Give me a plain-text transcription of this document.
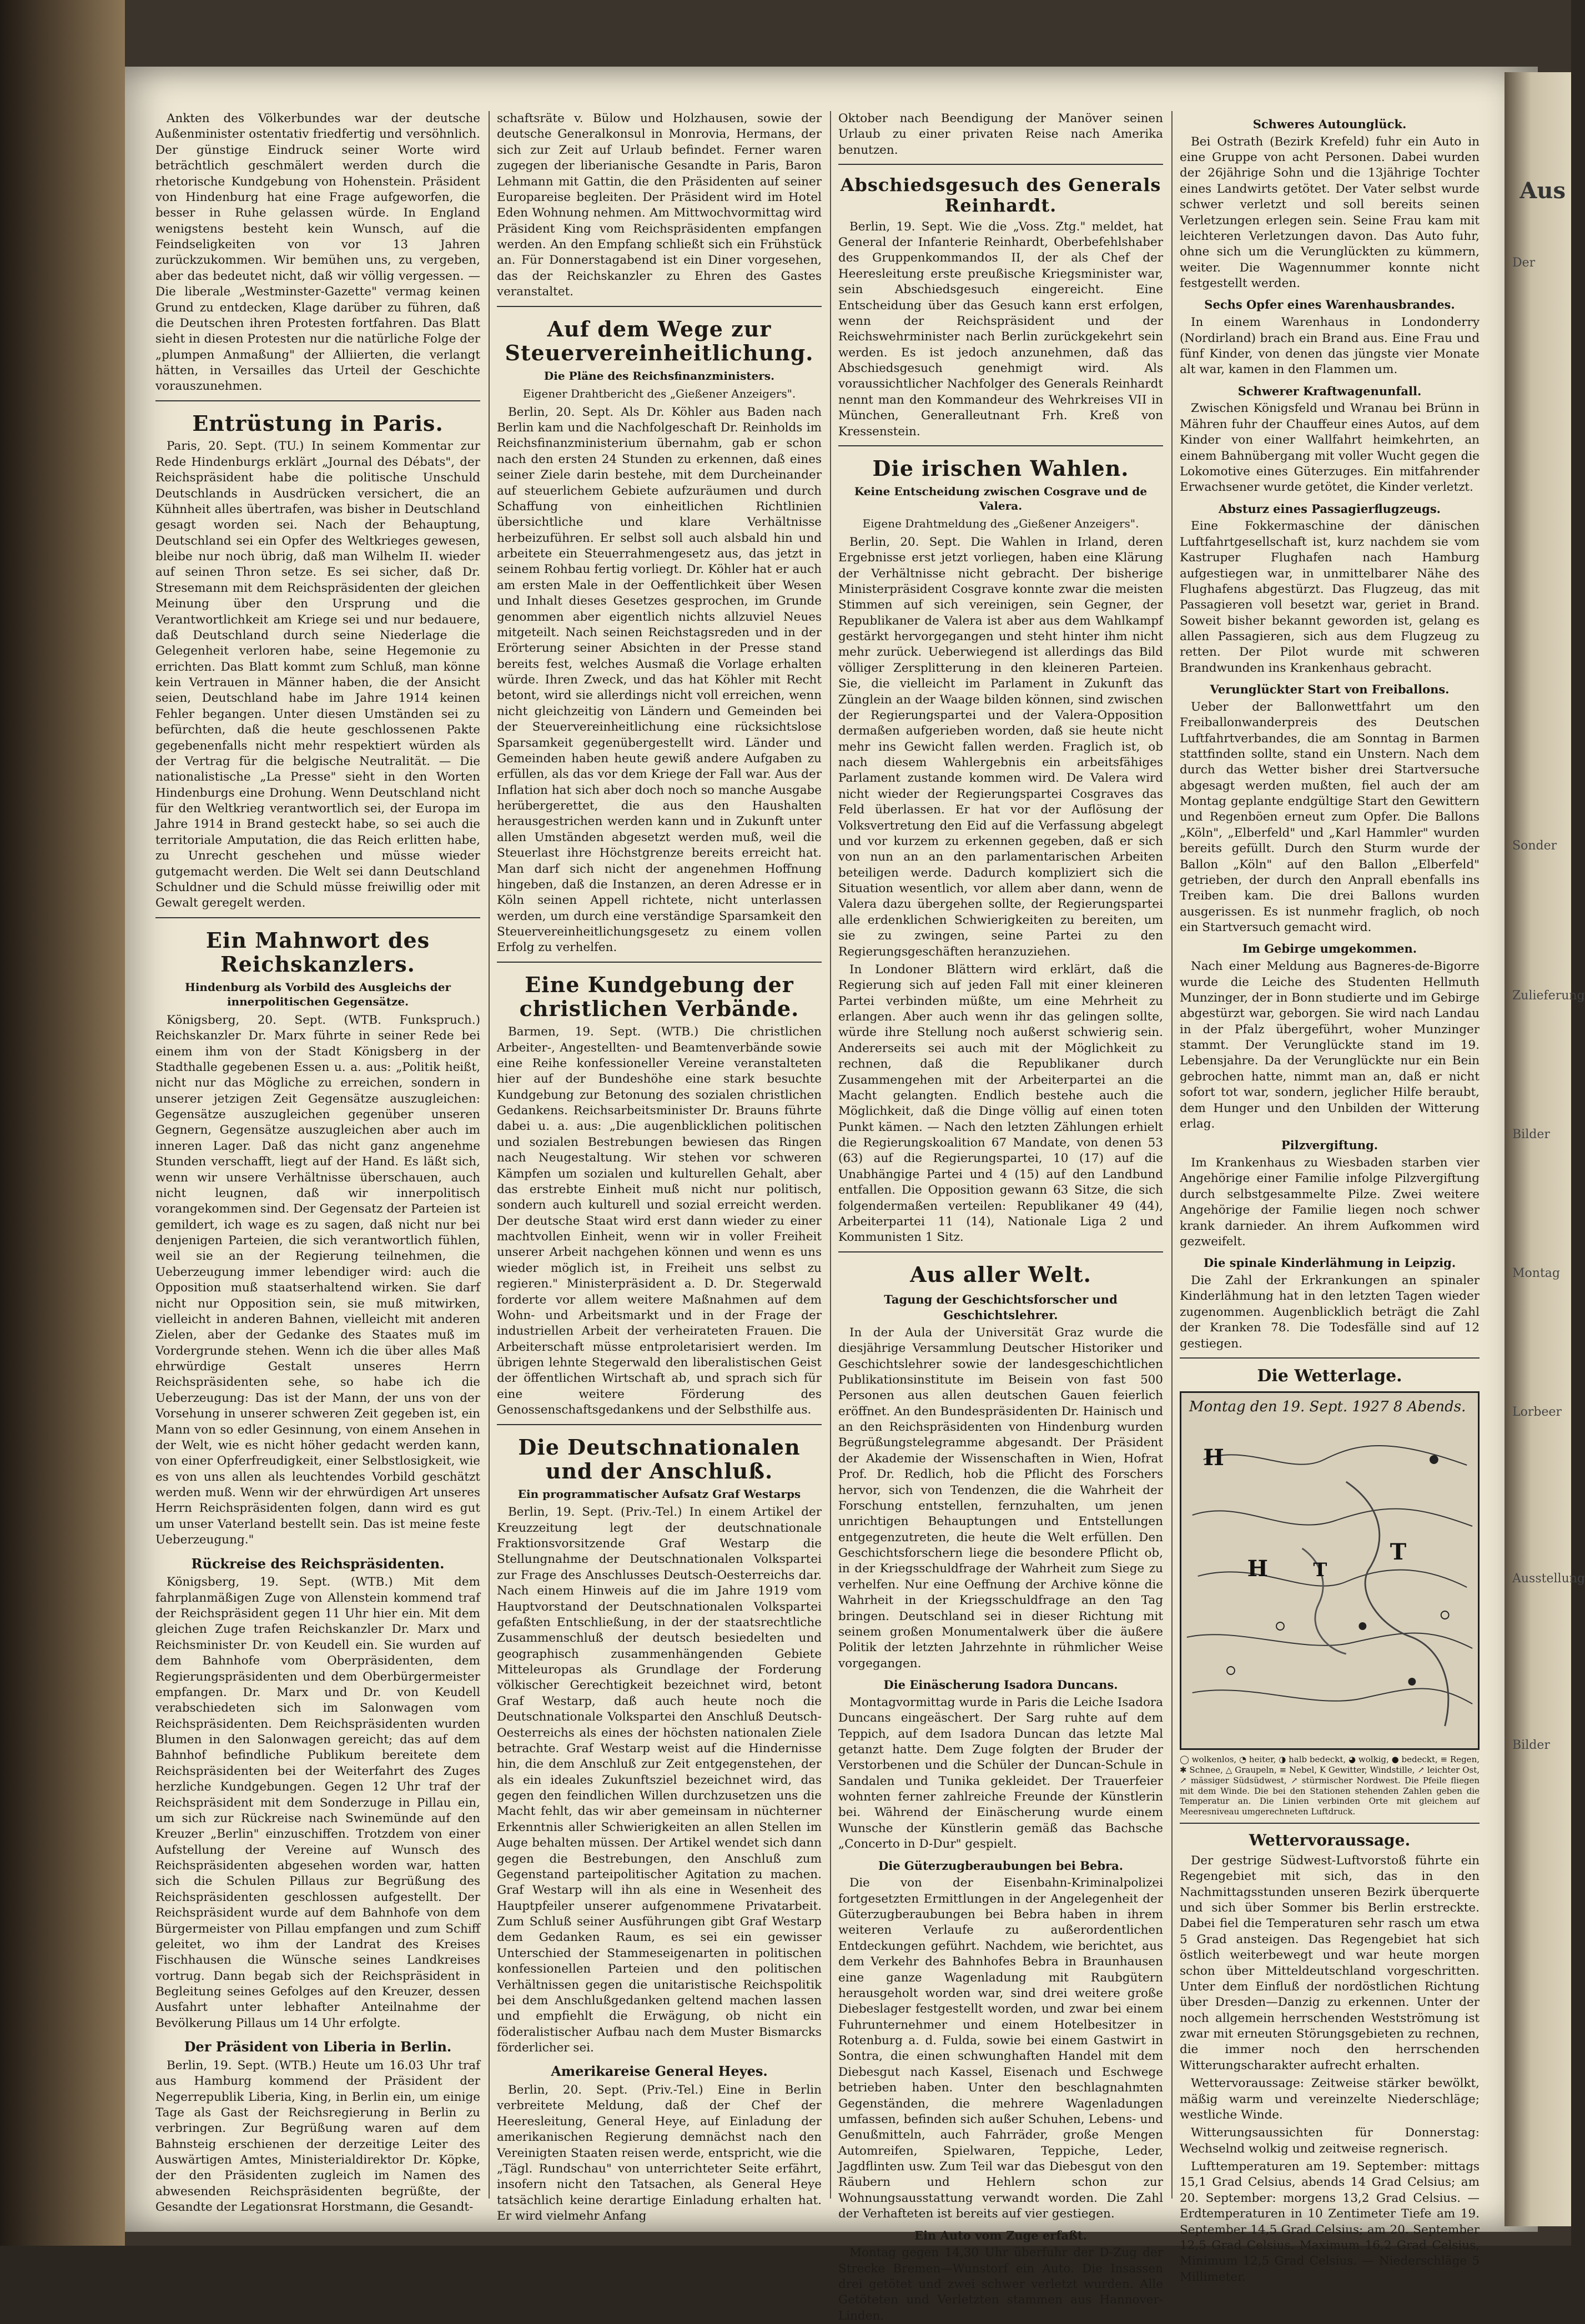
Ankten des Völkerbundes war der deutsche Außenminister ostentativ friedfertig und versöhnlich. Der günstige Eindruck seiner Worte wird beträchtlich geschmälert werden durch die rhetorische Kundgebung von Hohenstein. Präsident von Hindenburg hat eine Frage aufgeworfen, die besser in Ruhe gelassen würde. In England wenigstens besteht kein Wunsch, auf die Feindseligkeiten von vor 13 Jahren zurückzukommen. Wir bemühen uns, zu vergeben, aber das bedeutet nicht, daß wir völlig vergessen. — Die liberale „Westminster-Gazette" vermag keinen Grund zu entdecken, Klage darüber zu führen, daß die Deutschen ihren Protesten fortfahren. Das Blatt sieht in diesen Protesten nur die natürliche Folge der „plumpen Anmaßung" der Alliierten, die verlangt hätten, in Versailles das Urteil der Geschichte vorauszunehmen.

Entrüstung in Paris.

Paris, 20. Sept. (TU.) In seinem Kommentar zur Rede Hindenburgs erklärt „Journal des Débats", der Reichspräsident habe die politische Unschuld Deutschlands in Ausdrücken versichert, die an Kühnheit alles übertrafen, was bisher in Deutschland gesagt worden sei. Nach der Behauptung, Deutschland sei ein Opfer des Weltkrieges gewesen, bleibe nur noch übrig, daß man Wilhelm II. wieder auf seinen Thron setze. Es sei sicher, daß Dr. Stresemann mit dem Reichspräsidenten der gleichen Meinung über den Ursprung und die Verantwortlichkeit am Kriege sei und nur bedauere, daß Deutschland durch seine Niederlage die Gelegenheit verloren habe, seine Hegemonie zu errichten. Das Blatt kommt zum Schluß, man könne kein Vertrauen in Männer haben, die der Ansicht seien, Deutschland habe im Jahre 1914 keinen Fehler begangen. Unter diesen Umständen sei zu befürchten, daß die heute geschlossenen Pakte gegebenenfalls nicht mehr respektiert würden als der Vertrag für die belgische Neutralität. — Die nationalistische „La Presse" sieht in den Worten Hindenburgs eine Drohung. Wenn Deutschland nicht für den Weltkrieg verantwortlich sei, der Europa im Jahre 1914 in Brand gesteckt habe, so sei auch die territoriale Amputation, die das Reich erlitten habe, zu Unrecht geschehen und müsse wieder gutgemacht werden. Die Welt sei dann Deutschland Schuldner und die Schuld müsse freiwillig oder mit Gewalt geregelt werden.

Ein Mahnwort des Reichskanzlers.
Hindenburg als Vorbild des Ausgleichs der innerpolitischen Gegensätze.

Königsberg, 20. Sept. (WTB. Funkspruch.) Reichskanzler Dr. Marx führte in seiner Rede bei einem ihm von der Stadt Königsberg in der Stadthalle gegebenen Essen u. a. aus: „Politik heißt, nicht nur das Mögliche zu erreichen, sondern in unserer jetzigen Zeit Gegensätze auszugleichen: Gegensätze auszugleichen gegenüber unseren Gegnern, Gegensätze auszugleichen aber auch im inneren Lager. Daß das nicht ganz angenehme Stunden verschafft, liegt auf der Hand. Es läßt sich, wenn wir unsere Verhältnisse überschauen, auch nicht leugnen, daß wir innerpolitisch vorangekommen sind. Der Gegensatz der Parteien ist gemildert, ich wage es zu sagen, daß nicht nur bei denjenigen Parteien, die sich verantwortlich fühlen, weil sie an der Regierung teilnehmen, die Ueberzeugung immer lebendiger wird: auch die Opposition muß staatserhaltend wirken. Sie darf nicht nur Opposition sein, sie muß mitwirken, vielleicht in anderen Bahnen, vielleicht mit anderen Zielen, aber der Gedanke des Staates muß im Vordergrunde stehen. Wenn ich die über alles Maß ehrwürdige Gestalt unseres Herrn Reichspräsidenten sehe, so habe ich die Ueberzeugung: Das ist der Mann, der uns von der Vorsehung in unserer schweren Zeit gegeben ist, ein Mann von so edler Gesinnung, von einem Ansehen in der Welt, wie es nicht höher gedacht werden kann, von einer Opferfreudigkeit, einer Selbstlosigkeit, wie es von uns allen als leuchtendes Vorbild geschätzt werden muß. Wenn wir der ehrwürdigen Art unseres Herrn Reichspräsidenten folgen, dann wird es gut um unser Vaterland bestellt sein. Das ist meine feste Ueberzeugung."

Rückreise des Reichspräsidenten.

Königsberg, 19. Sept. (WTB.) Mit dem fahrplanmäßigen Zuge von Allenstein kommend traf der Reichspräsident gegen 11 Uhr hier ein. Mit dem gleichen Zuge trafen Reichskanzler Dr. Marx und Reichsminister Dr. von Keudell ein. Sie wurden auf dem Bahnhofe vom Oberpräsidenten, dem Regierungspräsidenten und dem Oberbürgermeister empfangen. Dr. Marx und Dr. von Keudell verabschiedeten sich im Salonwagen vom Reichspräsidenten. Dem Reichspräsidenten wurden Blumen in den Salonwagen gereicht; das auf dem Bahnhof befindliche Publikum bereitete dem Reichspräsidenten bei der Weiterfahrt des Zuges herzliche Kundgebungen. Gegen 12 Uhr traf der Reichspräsident mit dem Sonderzuge in Pillau ein, um sich zur Rückreise nach Swinemünde auf den Kreuzer „Berlin" einzuschiffen. Trotzdem von einer Aufstellung der Vereine auf Wunsch des Reichspräsidenten abgesehen worden war, hatten sich die Schulen Pillaus zur Begrüßung des Reichspräsidenten geschlossen aufgestellt. Der Reichspräsident wurde auf dem Bahnhofe von dem Bürgermeister von Pillau empfangen und zum Schiff geleitet, wo ihm der Landrat des Kreises Fischhausen die Wünsche seines Landkreises vortrug. Dann begab sich der Reichspräsident in Begleitung seines Gefolges auf den Kreuzer, dessen Ausfahrt unter lebhafter Anteilnahme der Bevölkerung Pillaus um 14 Uhr erfolgte.

Der Präsident von Liberia in Berlin.

Berlin, 19. Sept. (WTB.) Heute um 16.03 Uhr traf aus Hamburg kommend der Präsident der Negerrepublik Liberia, King, in Berlin ein, um einige Tage als Gast der Reichsregierung in Berlin zu verbringen. Zur Begrüßung waren auf dem Bahnsteig erschienen der derzeitige Leiter des Auswärtigen Amtes, Ministerialdirektor Dr. Köpke, der den Präsidenten zugleich im Namen des abwesenden Reichspräsidenten begrüßte, der Gesandte der Legationsrat Horstmann, die Gesandt-

schaftsräte v. Bülow und Holzhausen, sowie der deutsche Generalkonsul in Monrovia, Hermans, der sich zur Zeit auf Urlaub befindet. Ferner waren zugegen der liberianische Gesandte in Paris, Baron Lehmann mit Gattin, die den Präsidenten auf seiner Europareise begleiten. Der Präsident wird im Hotel Eden Wohnung nehmen. Am Mittwochvormittag wird Präsident King vom Reichspräsidenten empfangen werden. An den Empfang schließt sich ein Frühstück an. Für Donnerstagabend ist ein Diner vorgesehen, das der Reichskanzler zu Ehren des Gastes veranstaltet.

Auf dem Wege zur Steuervereinheitlichung.
Die Pläne des Reichsfinanzministers.
Eigener Drahtbericht des „Gießener Anzeigers".

Berlin, 20. Sept. Als Dr. Köhler aus Baden nach Berlin kam und die Nachfolgeschaft Dr. Reinholds im Reichsfinanzministerium übernahm, gab er schon nach den ersten 24 Stunden zu erkennen, daß eines seiner Ziele darin bestehe, mit dem Durcheinander auf steuerlichem Gebiete aufzuräumen und durch Schaffung von einheitlichen Richtlinien übersichtliche und klare Verhältnisse herbeizuführen. Er selbst soll auch alsbald hin und arbeitete ein Steuerrahmengesetz aus, das jetzt in seinem Rohbau fertig vorliegt. Dr. Köhler hat er auch am ersten Male in der Oeffentlichkeit über Wesen und Inhalt dieses Gesetzes gesprochen, im Grunde genommen aber eigentlich nichts allzuviel Neues mitgeteilt. Nach seinen Reichstagsreden und in der Erörterung seiner Absichten in der Presse stand bereits fest, welches Ausmaß die Vorlage erhalten würde. Ihren Zweck, und das hat Köhler mit Recht betont, wird sie allerdings nicht voll erreichen, wenn nicht gleichzeitig von Ländern und Gemeinden bei der Steuervereinheitlichung eine rücksichtslose Sparsamkeit gegenübergestellt wird. Länder und Gemeinden haben heute gewiß andere Aufgaben zu erfüllen, als das vor dem Kriege der Fall war. Aus der Inflation hat sich aber doch noch so manche Ausgabe herübergerettet, die aus den Haushalten herausgestrichen werden kann und in Zukunft unter allen Umständen abgesetzt werden muß, weil die Steuerlast ihre Höchstgrenze bereits erreicht hat. Man darf sich nicht der angenehmen Hoffnung hingeben, daß die Instanzen, an deren Adresse er in Köln seinen Appell richtete, nicht unterlassen werden, um durch eine verständige Sparsamkeit den Steuervereinheitlichungsgesetz zu einem vollen Erfolg zu verhelfen.

Eine Kundgebung der christlichen Verbände.

Barmen, 19. Sept. (WTB.) Die christlichen Arbeiter-, Angestellten- und Beamtenverbände sowie eine Reihe konfessioneller Vereine veranstalteten hier auf der Bundeshöhe eine stark besuchte Kundgebung zur Betonung des sozialen christlichen Gedankens. Reichsarbeitsminister Dr. Brauns führte dabei u. a. aus: „Die augenblicklichen politischen und sozialen Bestrebungen bewiesen das Ringen nach Neugestaltung. Wir stehen vor schweren Kämpfen um sozialen und kulturellen Gehalt, aber das erstrebte Einheit muß nicht nur politisch, sondern auch kulturell und sozial erreicht werden. Der deutsche Staat wird erst dann wieder zu einer machtvollen Einheit, wenn wir in voller Freiheit unserer Arbeit nachgehen können und wenn es uns wieder möglich ist, in Freiheit uns selbst zu regieren." Ministerpräsident a. D. Dr. Stegerwald forderte vor allem weitere Maßnahmen auf dem Wohn- und Arbeitsmarkt und in der Frage der industriellen Arbeit der verheirateten Frauen. Die Arbeiterschaft müsse entproletarisiert werden. Im übrigen lehnte Stegerwald den liberalistischen Geist der öffentlichen Wirtschaft ab, und sprach sich für eine weitere Förderung des Genossenschaftsgedankens und der Selbsthilfe aus.

Die Deutschnationalen und der Anschluß.
Ein programmatischer Aufsatz Graf Westarps

Berlin, 19. Sept. (Priv.-Tel.) In einem Artikel der Kreuzzeitung legt der deutschnationale Fraktionsvorsitzende Graf Westarp die Stellungnahme der Deutschnationalen Volkspartei zur Frage des Anschlusses Deutsch-Oesterreichs dar. Nach einem Hinweis auf die im Jahre 1919 vom Hauptvorstand der Deutschnationalen Volkspartei gefaßten Entschließung, in der der staatsrechtliche Zusammenschluß der deutsch besiedelten und geographisch zusammenhängenden Gebiete Mitteleuropas als Grundlage der Forderung völkischer Gerechtigkeit bezeichnet wird, betont Graf Westarp, daß auch heute noch die Deutschnationale Volkspartei den Anschluß Deutsch-Oesterreichs als eines der höchsten nationalen Ziele betrachte. Graf Westarp weist auf die Hindernisse hin, die dem Anschluß zur Zeit entgegenstehen, der als ein ideales Zukunftsziel bezeichnet wird, das gegen den feindlichen Willen durchzusetzen uns die Macht fehlt, das wir aber gemeinsam in nüchterner Erkenntnis aller Schwierigkeiten an allen Stellen im Auge behalten müssen. Der Artikel wendet sich dann gegen die Bestrebungen, den Anschluß zum Gegenstand parteipolitischer Agitation zu machen. Graf Westarp will ihn als eine in Wesenheit des Hauptpfeiler unserer aufgenommene Privatarbeit. Zum Schluß seiner Ausführungen gibt Graf Westarp dem Gedanken Raum, es sei ein gewisser Unterschied der Stammeseigenarten in politischen konfessionellen Parteien und den politischen Verhältnissen gegen die unitaristische Reichspolitik bei dem Anschlußgedanken geltend machen lassen und empfiehlt die Erwägung, ob nicht ein föderalistischer Aufbau nach dem Muster Bismarcks förderlicher sei.

Amerikareise General Heyes.

Berlin, 20. Sept. (Priv.-Tel.) Eine in Berlin verbreitete Meldung, daß der Chef der Heeresleitung, General Heye, auf Einladung der amerikanischen Regierung demnächst nach den Vereinigten Staaten reisen werde, entspricht, wie die „Tägl. Rundschau" von unterrichteter Seite erfährt, insofern nicht den Tatsachen, als General Heye tatsächlich keine derartige Einladung erhalten hat. Er wird vielmehr Anfang

Oktober nach Beendigung der Manöver seinen Urlaub zu einer privaten Reise nach Amerika benutzen.

Abschiedsgesuch des Generals Reinhardt.

Berlin, 19. Sept. Wie die „Voss. Ztg." meldet, hat General der Infanterie Reinhardt, Oberbefehlshaber des Gruppenkommandos II, der als Chef der Heeresleitung erste preußische Kriegsminister war, sein Abschiedsgesuch eingereicht. Eine Entscheidung über das Gesuch kann erst erfolgen, wenn der Reichspräsident und der Reichswehrminister nach Berlin zurückgekehrt sein werden. Es ist jedoch anzunehmen, daß das Abschiedsgesuch genehmigt wird. Als voraussichtlicher Nachfolger des Generals Reinhardt nennt man den Kommandeur des Wehrkreises VII in München, Generalleutnant Frh. Kreß von Kressenstein.

Die irischen Wahlen.
Keine Entscheidung zwischen Cosgrave und de Valera.
Eigene Drahtmeldung des „Gießener Anzeigers".

Berlin, 20. Sept. Die Wahlen in Irland, deren Ergebnisse erst jetzt vorliegen, haben eine Klärung der Verhältnisse nicht gebracht. Der bisherige Ministerpräsident Cosgrave konnte zwar die meisten Stimmen auf sich vereinigen, sein Gegner, der Republikaner de Valera ist aber aus dem Wahlkampf gestärkt hervorgegangen und steht hinter ihm nicht mehr zurück. Ueberwiegend ist allerdings das Bild völliger Zersplitterung in den kleineren Parteien. Sie, die vielleicht im Parlament in Zukunft das Zünglein an der Waage bilden können, sind zwischen der Regierungspartei und der Valera-Opposition dermaßen aufgerieben worden, daß sie heute nicht mehr ins Gewicht fallen werden. Fraglich ist, ob nach diesem Wahlergebnis ein arbeitsfähiges Parlament zustande kommen wird. De Valera wird nicht wieder der Regierungspartei Cosgraves das Feld überlassen. Er hat vor der Auflösung der Volksvertretung den Eid auf die Verfassung abgelegt und vor kurzem zu erkennen gegeben, daß er sich von nun an an den parlamentarischen Arbeiten beteiligen werde. Dadurch kompliziert sich die Situation wesentlich, vor allem aber dann, wenn de Valera dazu übergehen sollte, der Regierungspartei alle erdenklichen Schwierigkeiten zu bereiten, um sie zu zwingen, seine Partei zu den Regierungsgeschäften heranzuziehen.

In Londoner Blättern wird erklärt, daß die Regierung sich auf jeden Fall mit einer kleineren Partei verbinden müßte, um eine Mehrheit zu erlangen. Aber auch wenn ihr das gelingen sollte, würde ihre Stellung noch außerst schwierig sein. Andererseits sei auch mit der Möglichkeit zu rechnen, daß die Republikaner durch Zusammengehen mit der Arbeiterpartei an die Macht gelangten. Endlich bestehe auch die Möglichkeit, daß die Dinge völlig auf einen toten Punkt kämen. — Nach den letzten Zählungen erhielt die Regierungskoalition 67 Mandate, von denen 53 (63) auf die Regierungspartei, 10 (17) auf die Unabhängige Partei und 4 (15) auf den Landbund entfallen. Die Opposition gewann 63 Sitze, die sich folgendermaßen verteilen: Republikaner 49 (44), Arbeiterpartei 11 (14), Nationale Liga 2 und Kommunisten 1 Sitz.

Aus aller Welt.
Tagung der Geschichtsforscher und Geschichtslehrer.

In der Aula der Universität Graz wurde die diesjährige Versammlung Deutscher Historiker und Geschichtslehrer sowie der landesgeschichtlichen Publikationsinstitute im Beisein von fast 500 Personen aus allen deutschen Gauen feierlich eröffnet. An den Bundespräsidenten Dr. Hainisch und an den Reichspräsidenten von Hindenburg wurden Begrüßungstelegramme abgesandt. Der Präsident der Akademie der Wissenschaften in Wien, Hofrat Prof. Dr. Redlich, hob die Pflicht des Forschers hervor, sich von Tendenzen, die die Wahrheit der Forschung entstellen, fernzuhalten, um jenen unrichtigen Behauptungen und Entstellungen entgegenzutreten, die heute die Welt erfüllen. Den Geschichtsforschern liege die besondere Pflicht ob, in der Kriegsschuldfrage der Wahrheit zum Siege zu verhelfen. Nur eine Oeffnung der Archive könne die Wahrheit in der Kriegsschuldfrage an den Tag bringen. Deutschland sei in dieser Richtung mit seinem großen Monumentalwerk über die äußere Politik der letzten Jahrzehnte in rühmlicher Weise vorgegangen.

Die Einäscherung Isadora Duncans.

Montagvormittag wurde in Paris die Leiche Isadora Duncans eingeäschert. Der Sarg ruhte auf dem Teppich, auf dem Isadora Duncan das letzte Mal getanzt hatte. Dem Zuge folgten der Bruder der Verstorbenen und die Schüler der Duncan-Schule in Sandalen und Tunika gekleidet. Der Trauerfeier wohnten ferner zahlreiche Freunde der Künstlerin bei. Während der Einäscherung wurde einem Wunsche der Künstlerin gemäß das Bachsche „Concerto in D-Dur" gespielt.

Die Güterzugberaubungen bei Bebra.

Die von der Eisenbahn-Kriminalpolizei fortgesetzten Ermittlungen in der Angelegenheit der Güterzugberaubungen bei Bebra haben in ihrem weiteren Verlaufe zu außerordentlichen Entdeckungen geführt. Nachdem, wie berichtet, aus dem Verkehr des Bahnhofes Bebra in Braunhausen eine ganze Wagenladung mit Raubgütern herausgeholt worden war, sind drei weitere große Diebeslager festgestellt worden, und zwar bei einem Fuhrunternehmer und einem Hotelbesitzer in Rotenburg a. d. Fulda, sowie bei einem Gastwirt in Sontra, die einen schwunghaften Handel mit dem Diebesgut nach Kassel, Eisenach und Eschwege betrieben haben. Unter den beschlagnahmten Gegenständen, die mehrere Wagenladungen umfassen, befinden sich außer Schuhen, Lebens- und Genußmitteln, auch Fahrräder, große Mengen Automreifen, Spielwaren, Teppiche, Leder, Jagdflinten usw. Zum Teil war das Diebesgut von den Räubern und Hehlern schon zur Wohnungsausstattung verwandt worden. Die Zahl der Verhafteten ist bereits auf vier gestiegen.

Ein Auto vom Zuge erfaßt.

Montag gegen 14,30 Uhr überfuhr der D-Zug der Strecke Bremen—Wunstorf ein Auto. Die Insassen drei getötet und zwei schwer verletzt wurden. Alle Getöteten und Verletzten stammen aus Hannover-Linden.

Schweres Autounglück.

Bei Ostrath (Bezirk Krefeld) fuhr ein Auto in eine Gruppe von acht Personen. Dabei wurden der 26jährige Sohn und die 13jährige Tochter eines Landwirts getötet. Der Vater selbst wurde schwer verletzt und soll bereits seinen Verletzungen erlegen sein. Seine Frau kam mit leichteren Verletzungen davon. Das Auto fuhr, ohne sich um die Verunglückten zu kümmern, weiter. Die Wagennummer konnte nicht festgestellt werden.

Sechs Opfer eines Warenhausbrandes.

In einem Warenhaus in Londonderry (Nordirland) brach ein Brand aus. Eine Frau und fünf Kinder, von denen das jüngste vier Monate alt war, kamen in den Flammen um.

Schwerer Kraftwagenunfall.

Zwischen Königsfeld und Wranau bei Brünn in Mähren fuhr der Chauffeur eines Autos, auf dem Kinder von einer Wallfahrt heimkehrten, an einem Bahnübergang mit voller Wucht gegen die Lokomotive eines Güterzuges. Ein mitfahrender Erwachsener wurde getötet, die Kinder verletzt.

Absturz eines Passagierflugzeugs.

Eine Fokkermaschine der dänischen Luftfahrtgesellschaft ist, kurz nachdem sie vom Kastruper Flughafen nach Hamburg aufgestiegen war, in unmittelbarer Nähe des Flughafens abgestürzt. Das Flugzeug, das mit Passagieren voll besetzt war, geriet in Brand. Soweit bisher bekannt geworden ist, gelang es allen Passagieren, sich aus dem Flugzeug zu retten. Der Pilot wurde mit schweren Brandwunden ins Krankenhaus gebracht.

Verunglückter Start von Freiballons.

Ueber der Ballonwettfahrt um den Freiballonwanderpreis des Deutschen Luftfahrtverbandes, die am Sonntag in Barmen stattfinden sollte, stand ein Unstern. Nach dem durch das Wetter bisher drei Startversuche abgesagt werden mußten, fiel auch der am Montag geplante endgültige Start den Gewittern und Regenböen erneut zum Opfer. Die Ballons „Köln", „Elberfeld" und „Karl Hammler" wurden bereits gefüllt. Durch den Sturm wurde der Ballon „Köln" auf den Ballon „Elberfeld" getrieben, der durch den Anprall ebenfalls ins Treiben kam. Die drei Ballons wurden ausgerissen. Es ist nunmehr fraglich, ob noch ein Startversuch gemacht wird.

Im Gebirge umgekommen.

Nach einer Meldung aus Bagneres-de-Bigorre wurde die Leiche des Studenten Hellmuth Munzinger, der in Bonn studierte und im Gebirge abgestürzt war, geborgen. Sie wird nach Landau in der Pfalz übergeführt, woher Munzinger stammt. Der Verunglückte stand im 19. Lebensjahre. Da der Verunglückte nur ein Bein gebrochen hatte, nimmt man an, daß er nicht sofort tot war, sondern, jeglicher Hilfe beraubt, dem Hunger und den Unbilden der Witterung erlag.

Pilzvergiftung.

Im Krankenhaus zu Wiesbaden starben vier Angehörige einer Familie infolge Pilzvergiftung durch selbstgesammelte Pilze. Zwei weitere Angehörige der Familie liegen noch schwer krank darnieder. An ihrem Aufkommen wird gezweifelt.

Die spinale Kinderlähmung in Leipzig.

Die Zahl der Erkrankungen an spinaler Kinderlähmung hat in den letzten Tagen wieder zugenommen. Augenblicklich beträgt die Zahl der Kranken 78. Die Todesfälle sind auf 12 gestiegen.

Die Wetterlage.
H
H
T
T
Montag den 19. Sept. 1927 8 Abends.
◯ wolkenlos, ◔ heiter, ◑ halb bedeckt, ◕ wolkig, ● bedeckt, ≡ Regen, ✱ Schnee, △ Graupeln, ≡ Nebel, K Gewitter, Windstille, ↗ leichter Ost, ↗ mässiger Südsüdwest, ↗ stürmischer Nordwest. Die Pfeile fliegen mit dem Winde. Die bei den Stationen stehenden Zahlen geben die Temperatur an. Die Linien verbinden Orte mit gleichem auf Meeresniveau umgerechneten Luftdruck.
Wettervoraussage.

Der gestrige Südwest-Luftvorstoß führte ein Regengebiet mit sich, das in den Nachmittagsstunden unseren Bezirk überquerte und sich über Sommer bis Berlin erstreckte. Dabei fiel die Temperaturen sehr rasch um etwa 5 Grad ansteigen. Das Regengebiet hat sich östlich weiterbewegt und war heute morgen schon über Mitteldeutschland vorgeschritten. Unter dem Einfluß der nordöstlichen Richtung über Dresden—Danzig zu erkennen. Unter der noch allgemein herrschenden Westströmung ist zwar mit erneuten Störungsgebieten zu rechnen, die immer noch den herrschenden Witterungscharakter aufrecht erhalten.

Wettervoraussage: Zeitweise stärker bewölkt, mäßig warm und vereinzelte Niederschläge; westliche Winde.

Witterungsaussichten für Donnerstag: Wechselnd wolkig und zeitweise regnerisch.

Lufttemperaturen am 19. September: mittags 15,1 Grad Celsius, abends 14 Grad Celsius; am 20. September: morgens 13,2 Grad Celsius. — Erdtemperaturen in 10 Zentimeter Tiefe am 19. September 14,5 Grad Celsius; am 20. September 12,5 Grad Celsius. Maximum 16,2 Grad Celsius, Minimum 12,5 Grad Celsius. — Niederschläge 5 Millimeter.

Aus
Der
Sonder
Zulieferung
Bilder
Montag
Lorbeer
Ausstellung
Bilder
